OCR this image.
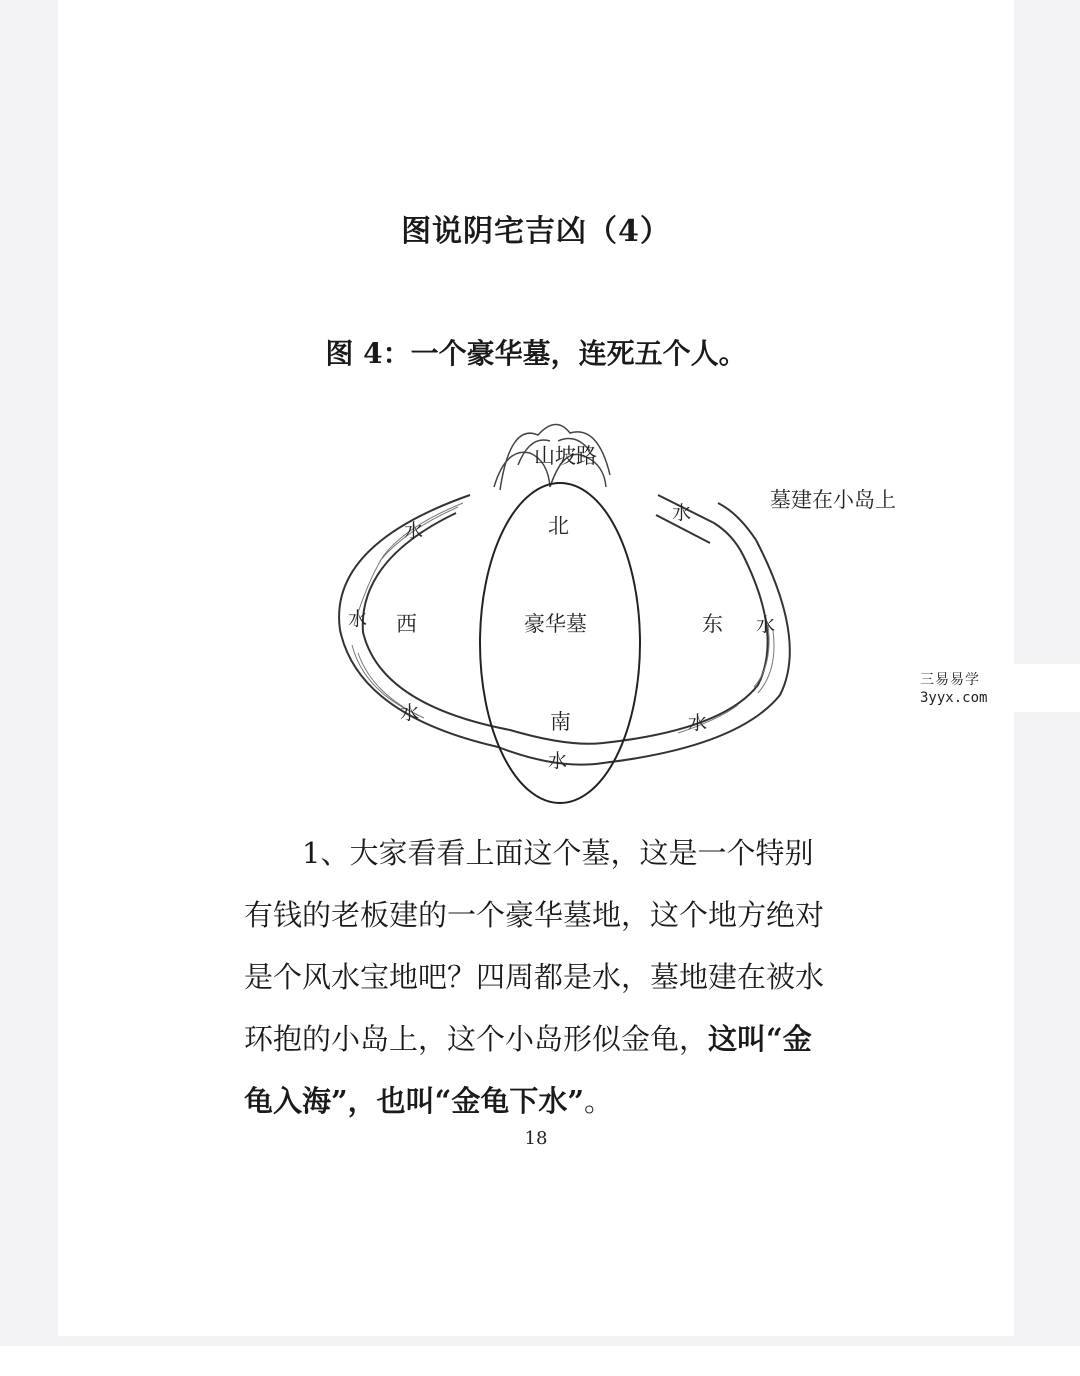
图说阴宅吉凶（4）
图 4：一个豪华墓，连死五个人。
山坡路
墓建在小岛上
北
豪华墓
南
西	东
水
水
水
水
水
水
水
1、大家看看上面这个墓，这是一个特别
有钱的老板建的一个豪华墓地，这个地方绝对
是个风水宝地吧？四周都是水，墓地建在被水
环抱的小岛上，这个小岛形似金龟，这叫“金
龟入海”，也叫“金龟下水”。
18
三易易学
3yyx.com
